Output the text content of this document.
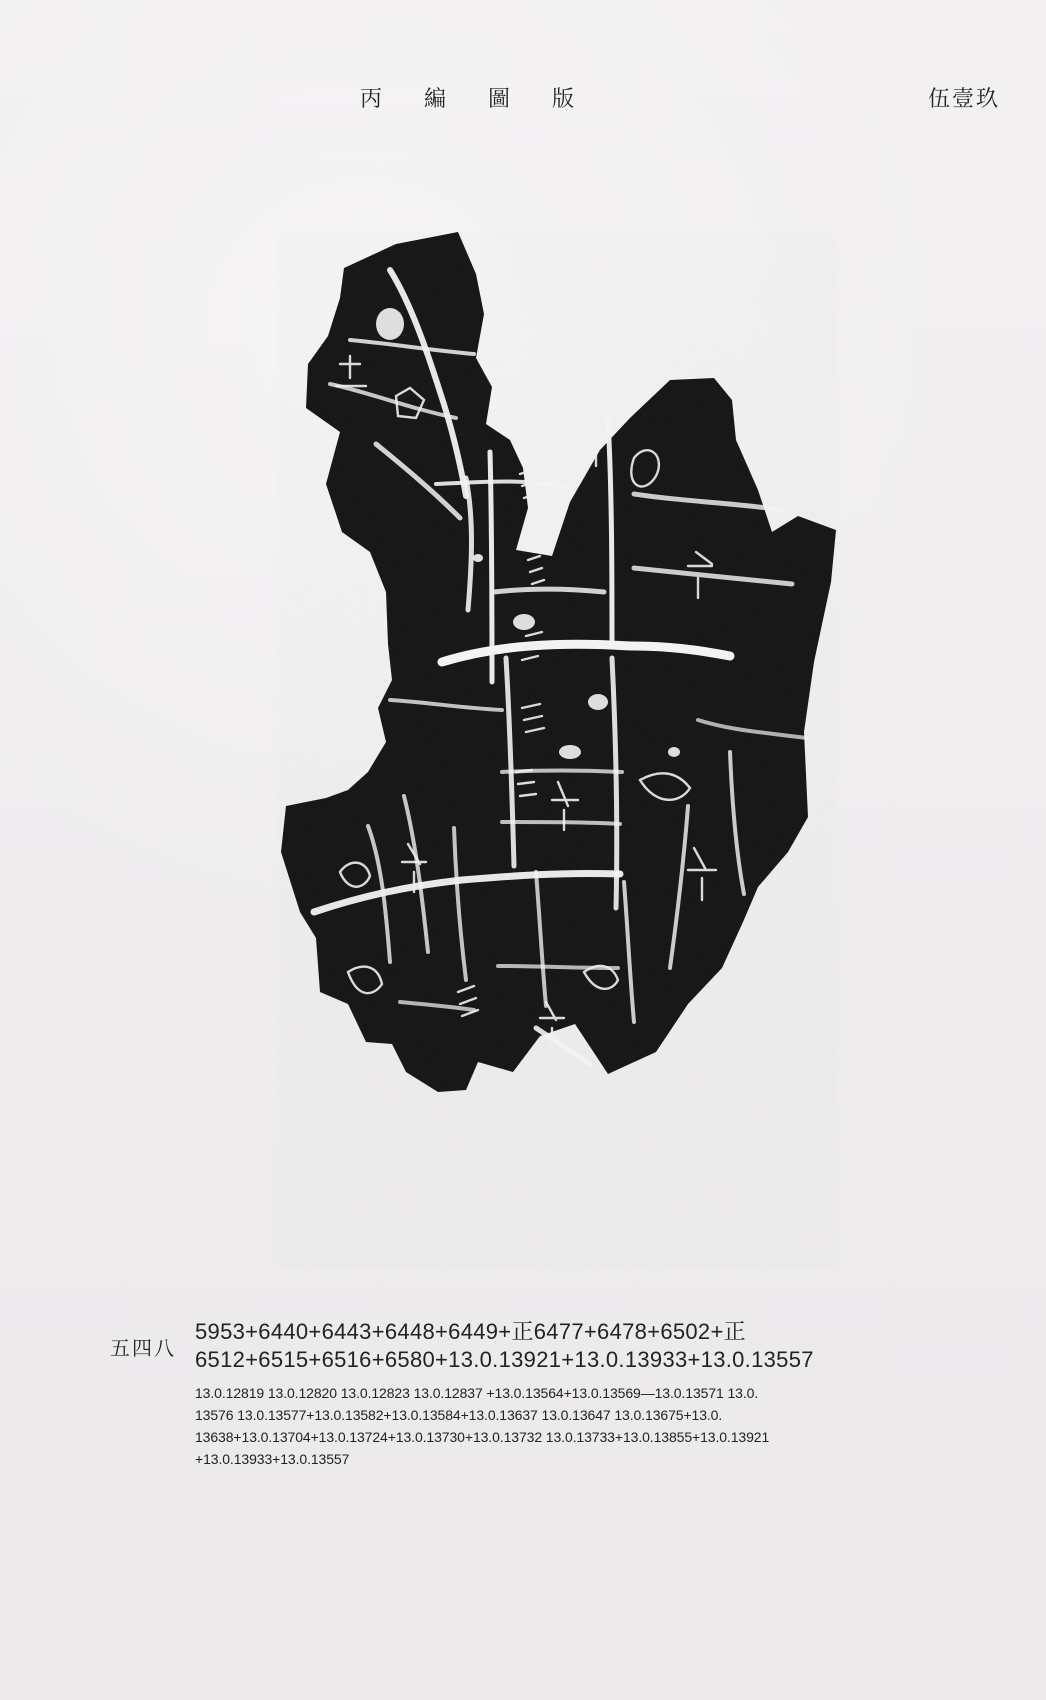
丙編圖版	伍壹玖
五四八
5953+6440+6443+6448+6449+正6477+6478+6502+正
6512+6515+6516+6580+13.0.13921+13.0.13933+13.0.13557
13.0.12819 13.0.12820 13.0.12823 13.0.12837 +13.0.13564+13.0.13569—13.0.13571 13.0.
13576 13.0.13577+13.0.13582+13.0.13584+13.0.13637 13.0.13647 13.0.13675+13.0.
13638+13.0.13704+13.0.13724+13.0.13730+13.0.13732 13.0.13733+13.0.13855+13.0.13921
+13.0.13933+13.0.13557
